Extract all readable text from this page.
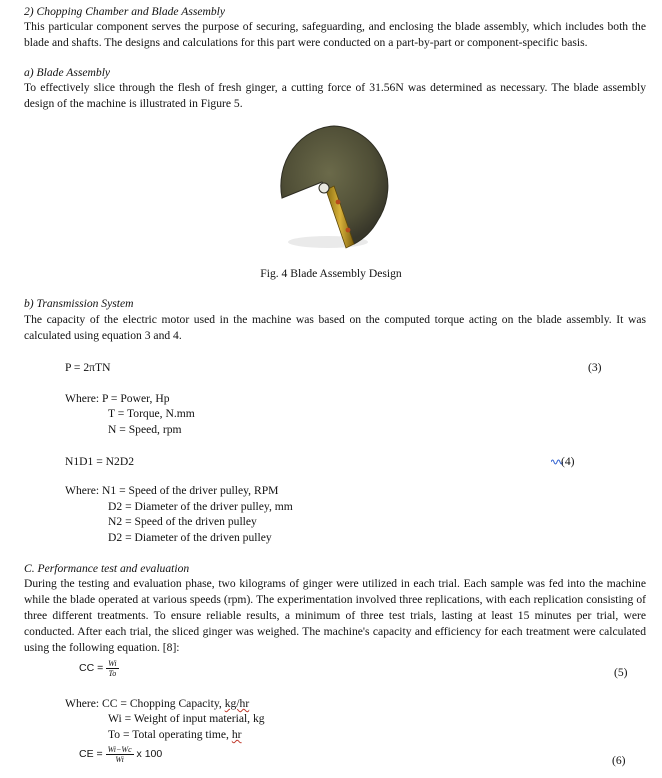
2) Chopping Chamber and Blade Assembly
This particular component serves the purpose of securing, safeguarding, and enclosing the blade assembly, which includes both the blade and shafts. The designs and calculations for this part were conducted on a part-by-part or component-specific basis.
a) Blade Assembly
To effectively slice through the flesh of fresh ginger, a cutting force of 31.56N was determined as necessary. The blade assembly design of the machine is illustrated in Figure 5.
Fig. 4 Blade Assembly Design
b) Transmission System
The capacity of the electric motor used in the machine was based on the computed torque acting on the blade assembly. It was calculated using equation 3 and 4.
P = 2πTN	(3)
Where: P = Power, Hp
T = Torque, N.mm
N = Speed, rpm
N1D1 = N2D2	(4)
Where: N1 = Speed of the driver pulley, RPM
D2 = Diameter of the driver pulley, mm
N2 = Speed of the driven pulley
D2 = Diameter of the driven pulley
C. Performance test and evaluation
During the testing and evaluation phase, two kilograms of ginger were utilized in each trial. Each sample was fed into the machine while the blade operated at various speeds (rpm). The experimentation involved three replications, with each replication consisting of three different treatments. To ensure reliable results, a minimum of three test trials, lasting at least 15 minutes per trial, were conducted. After each trial, the sliced ginger was weighed. The machine's capacity and efficiency for each treatment were calculated using the following equation. [8]:
CC = $\frac{Wi}{To}$	(5)
Where: CC = Chopping Capacity, kg/hr
Wi = Weight of input material, kg
To = Total operating time, hr
CE = $\frac{Wi-Wc}{Wi}$ x 100	(6)
